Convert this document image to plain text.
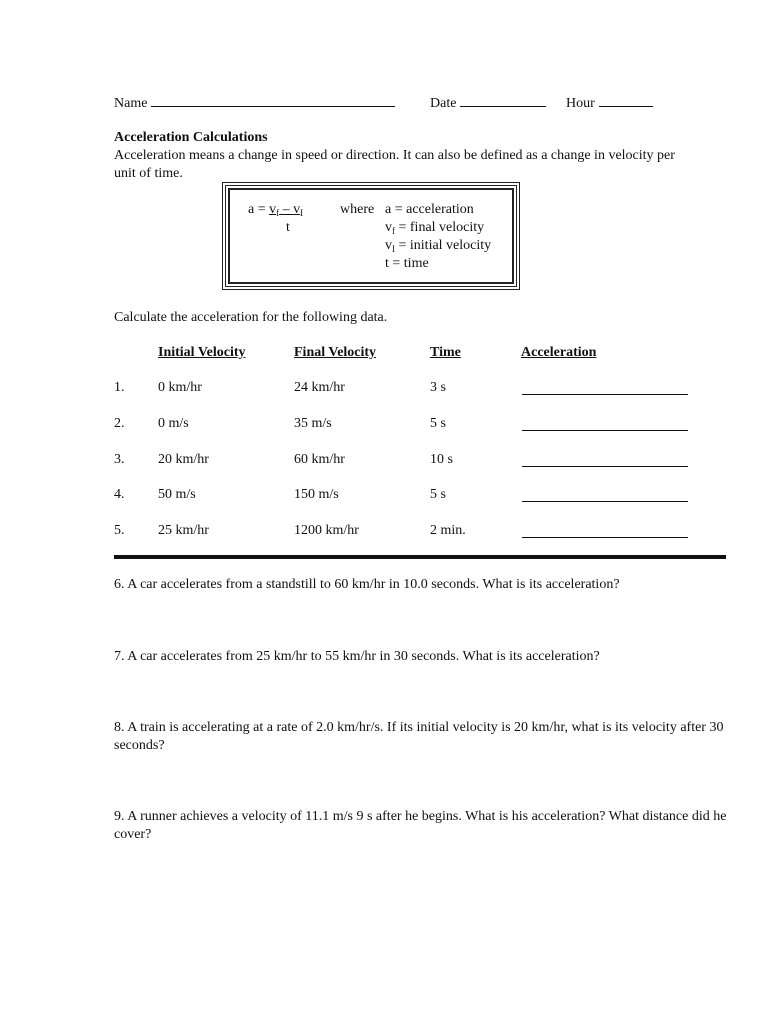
Name	Date	Hour
Acceleration Calculations
Acceleration means a change in speed or direction. It can also be defined as a change in velocity per
unit of time.
$a = v_f - v_I$
t
where a = acceleration
$v_f$ = final velocity
$v_I$ = initial velocity
t = time
Calculate the acceleration for the following data.
Initial Velocity	Final Velocity	Time	Acceleration
1. 0 km/hr	24 km/hr	3 s
2. 0 m/s	35 m/s	5 s
3. 20 km/hr	60 km/hr	10 s
4. 50 m/s	150 m/s	5 s
5. 25 km/hr	1200 km/hr	2 min.
6. A car accelerates from a standstill to 60 km/hr in 10.0 seconds. What is its acceleration?
7. A car accelerates from 25 km/hr to 55 km/hr in 30 seconds. What is its acceleration?
8. A train is accelerating at a rate of 2.0 km/hr/s. If its initial velocity is 20 km/hr, what is its velocity after 30 seconds?
9. A runner achieves a velocity of 11.1 m/s 9 s after he begins. What is his acceleration? What distance did he cover?
